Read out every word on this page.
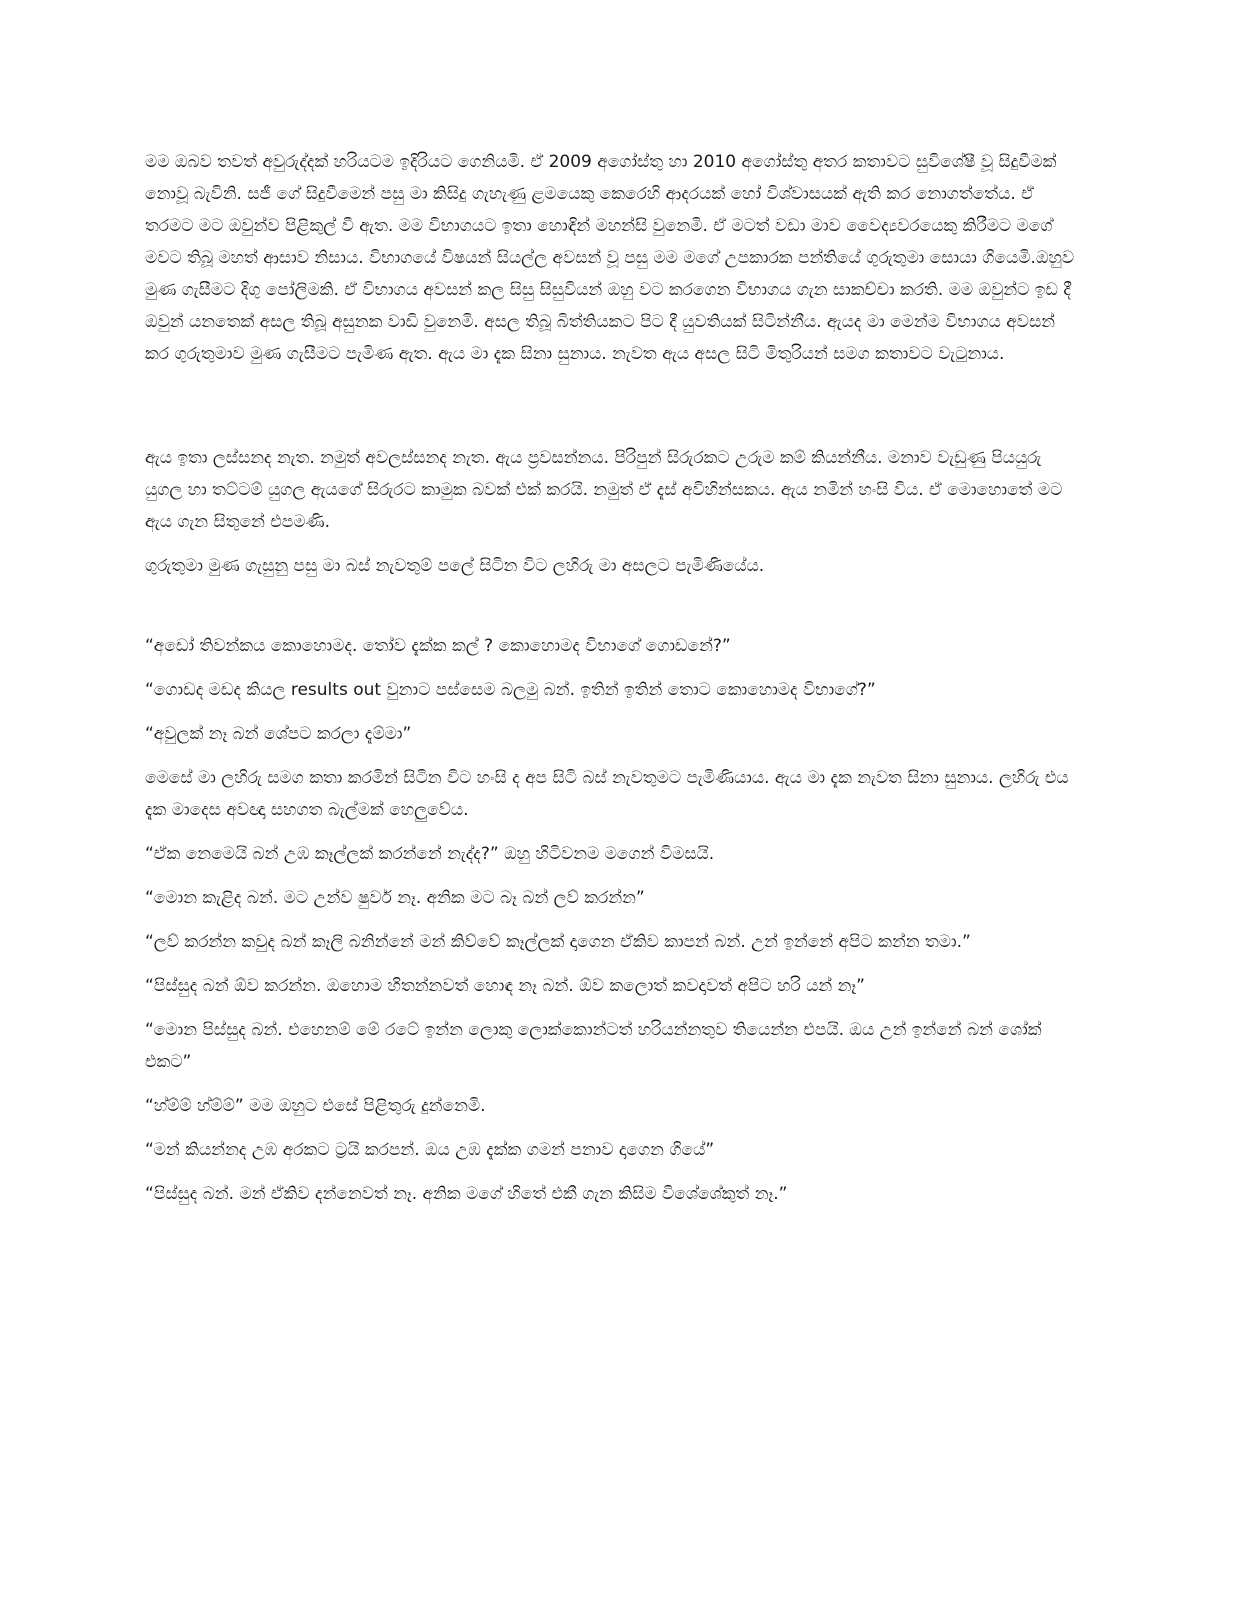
මම ඔබව තවත් අවුරුද්දක් හරියටම ඉදිරියට ගෙනියමි. ඒ 2009 අගෝස්තු හා 2010 අගෝස්තු අතර කතාවට සුවිශේෂී වූ සිදුවීමක් නොවූ බැවිනි. සජී ගේ සිදුවීමෙන් පසු මා කිසිදු ගැහැණු ළමයෙකු කෙරෙහි ආදරයක් හෝ විශ්වාසයක් ඇති කර නොගත්තේය. ඒ තරමට මට ඔවුන්ව පිළිකුල් වී ඇත. මම විභාගයට ඉතා හොඳින් මහන්සි වුනෙමි. ඒ මටත් වඩා මාව වෛද්‍යවරයෙකු කිරීමට මගේ මවට තිබූ මහත් ආසාව නිසාය. විභාගයේ විෂයන් සියල්ල අවසන් වූ පසු මම මගේ උපකාරක පන්තියේ ගුරුතුමා සොයා ගියෙමි.ඔහුව මුණ ගැසීමට දිගු පෝලිමකි. ඒ විභාගය අවසන් කල සිසු සිසුවියන් ඔහු වට කරගෙන විභාගය ගැන සාකච්චා කරති. මම ඔවුන්ට ඉඩ දී ඔවුන් යනතෙක් අසල තිබූ අසුනක වාඩි වුනෙමි. අසල තිබූ බිත්තියකට පිට දී යුවතියක් සිටින්නීය. ඇයද මා මෙන්ම විභාගය අවසන් කර ගුරුතුමාව මුණ ගැසීමට පැමිණ ඇත. ඇය මා දැක සිනා සුනාය. නැවත ඇය අසල සිටි මිතුරියන් සමග කතාවට වැටුනාය.

ඇය ඉතා ලස්සනද නැත. නමුත් අවලස්සනද නැත. ඇය ප්‍රවසන්නය. පිරිපුන් සිරුරකට උරුම කම් කියන්නීය. මනාව වැඩුණු පියයුරු යුගල හා තට්ටම් යුගල ඇයගේ සිරුරට කාමුක බවක් එක් කරයි. නමුත් ඒ දැස් අවිහින්සකය. ඇය නමින් හංසි විය. ඒ මොහොතේ මට ඇය ගැන සිතුනේ එපමණි.

ගුරුතුමා මුණ ගැසුනු පසු මා බස් නැවතුම් පලේ සිටින විට ලහිරු මා අසලට පැමිණියේය.

“අඩෝ තිවන්කය කොහොමද. තෝව දැක්ක කල් ? කොහොමද විභාගේ ගොඩනේ?”

“ගොඩද මඩද කියල results out වුනාට පස්සෙම බලමු බන්. ඉතින් ඉතින් තොට කොහොමද විභාගේ?”

“අවුලක් නෑ බන් ශේපට කරලා දැම්මා”

මෙසේ මා ලහිරු සමග කතා කරමින් සිටින විට හංසි ද අප සිටි බස් නැවතුමට පැමිණියාය. ඇය මා දැක නැවත සිනා සුනාය. ලහිරු එය දැක මාදෙස අවඥා සහගත බැල්මක් හෙලුවේය.

“ඒක නෙමෙයි බන් උඹ කෑල්ලක් කරන්නේ නැද්ද?” ඔහු හිටිවනම මගෙන් විමසයි.

“මොන කැළිද බන්. මට උන්ව ෂුවර් නෑ. අනික මට බෑ බන් ලව් කරන්න”

“ලව් කරන්න කවුද බන් කෑලි බනින්නේ මන් කිව්වේ කෑල්ලක් දාගෙන ඒකිව කාපන් බන්. උන් ඉන්නේ අපිට කන්න තමා.”

“පිස්සුද බන් ඕව කරන්න. ඔහොම හිතන්නවත් හොඳ නෑ බන්. ඕව කලොත් කවදාවත් අපිට හරි යන් නෑ”

“මොන පිස්සුද බන්. එහෙනම් මේ රටේ ඉන්න ලොකු ලොක්කොන්ටත් හරියන්නතුව තියෙන්න එපයි. ඔය උන් ඉන්නේ බන් ශෝක් එකට”

“හ්ම්ම් හ්ම්ම්” මම ඔහුට එසේ පිළිතුරු දුන්නෙමි.

“මන් කියන්නද උඹ අරකට ට්‍රයි කරපන්. ඔය උඹ දැක්ක ගමන් පනාව දාගෙන ගියේ”

“පිස්සුද බන්. මන් ඒකිව දන්නෙවත් නෑ. අනික මගේ හිතේ එකී ගැන කිසිම විශේශේකුත් නෑ.”
